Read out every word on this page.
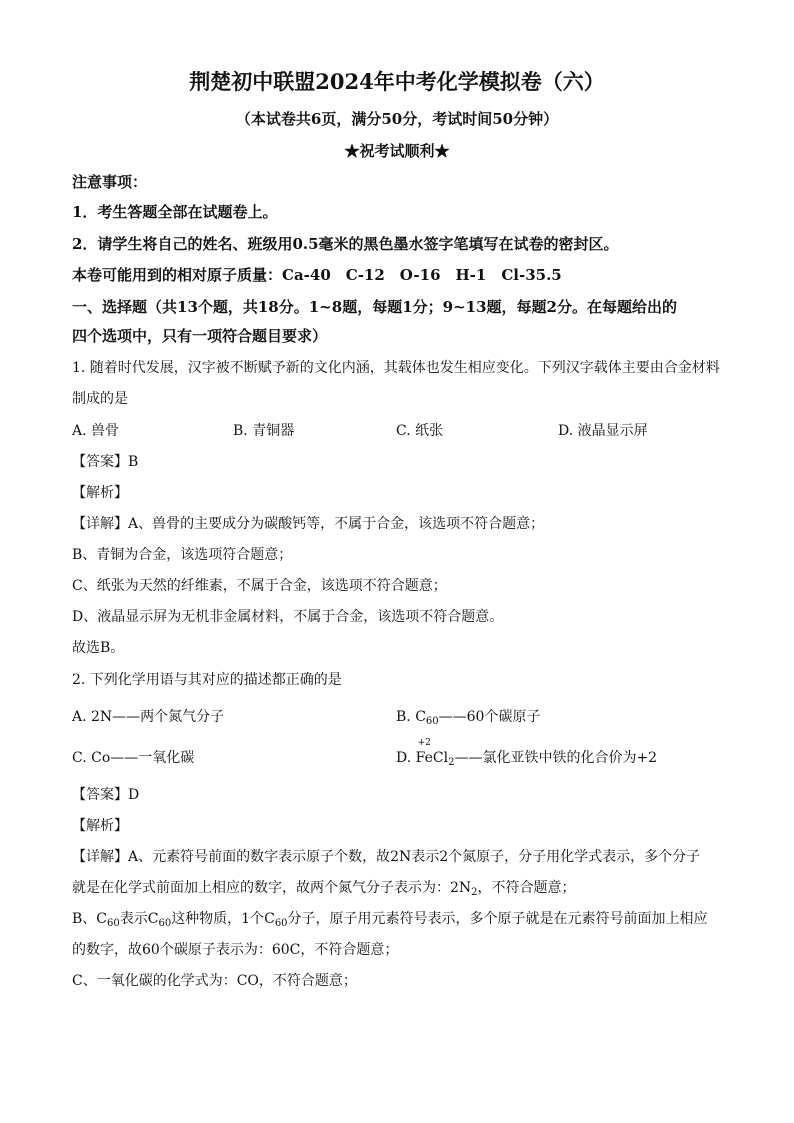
荆楚初中联盟2024年中考化学模拟卷（六）
（本试卷共6页，满分50分，考试时间50分钟）
★祝考试顺利★
注意事项：
1．考生答题全部在试题卷上。
2．请学生将自己的姓名、班级用0.5毫米的黑色墨水签字笔填写在试卷的密封区。
本卷可能用到的相对原子质量：Ca-40　C-12　O-16　H-1　Cl-35.5
一、选择题（共13个题，共18分。1~8题，每题1分；9~13题，每题2分。在每题给出的
四个选项中，只有一项符合题目要求）
1. 随着时代发展，汉字被不断赋予新的文化内涵，其载体也发生相应变化。下列汉字载体主要由合金材料
制成的是
A. 兽骨	B. 青铜器	C. 纸张	D. 液晶显示屏
【答案】B
【解析】
【详解】A、兽骨的主要成分为碳酸钙等，不属于合金，该选项不符合题意；
B、青铜为合金，该选项符合题意；
C、纸张为天然的纤维素，不属于合金，该选项不符合题意；
D、液晶显示屏为无机非金属材料，不属于合金，该选项不符合题意。
故选B。
2. 下列化学用语与其对应的描述都正确的是
A. 2N——两个氮气分子	B. $C_{60}——60$个碳原子
C. Co——一氧化碳	D.
+2
FeCl$_2$——氯化亚铁中铁的化合价为+2
【答案】D
【解析】
【详解】A、元素符号前面的数字表示原子个数，故2N表示2个氮原子，分子用化学式表示，多个分子
就是在化学式前面加上相应的数字，故两个氮气分子表示为：$2N_2$，不符合题意；
B、$C_{60}$表示$C_{60}$这种物质，1个$C_{60}$分子，原子用元素符号表示，多个原子就是在元素符号前面加上相应
的数字，故60个碳原子表示为：60C，不符合题意；
C、一氧化碳的化学式为：CO，不符合题意；
